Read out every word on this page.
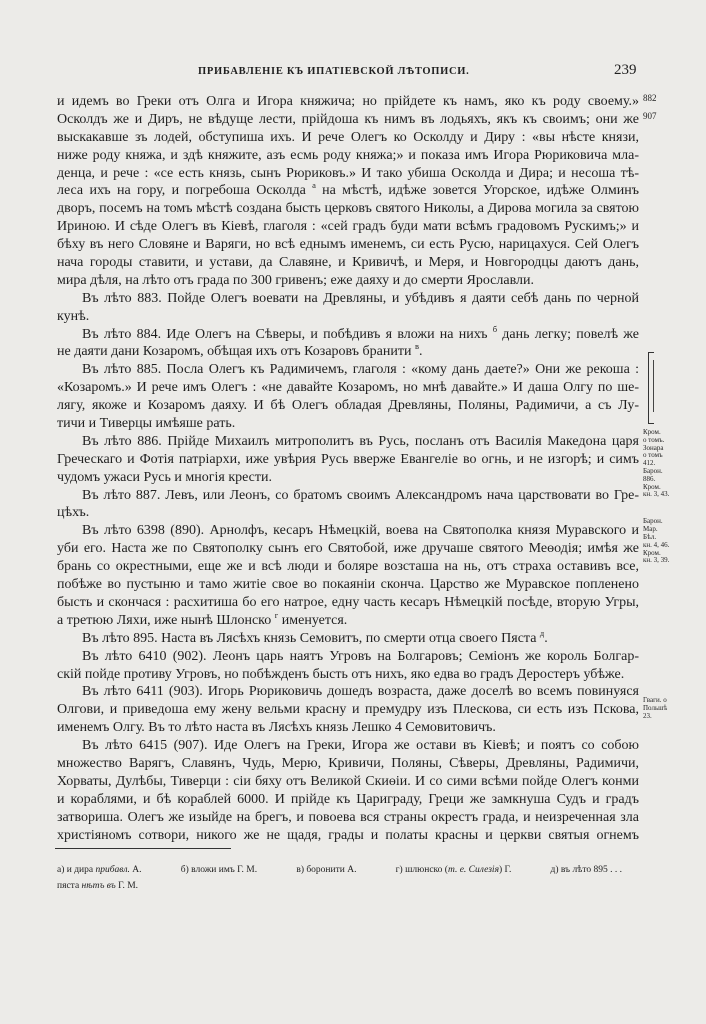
ПРИБАВЛЕНІЕ КЪ ИПАТІЕВСКОЙ ЛѢТОПИСИ.	239
и идемъ во Греки отъ Олга и Игора княжича; но прійдете къ намъ, яко къ роду своему.» 882
Осколдъ же и Диръ, не вѣдуще лести, прійдоша къ нимъ въ лодьяхъ, якъ къ своимъ; они же 907
выскакавше зъ лодей, обступиша ихъ. И рече Олегъ ко Осколду и Диру : «вы нѣсте князи,
ниже роду княжа, и здѣ княжите, азъ есмь роду княжа;» и показа имъ Игора Рюриковича мла-
денца, и рече : «се есть князь, сынъ Рюриковъ.» И тако убиша Осколда и Дира; и несоша тѣ-
леса ихъ на гору, и погребоша Осколда $^а$ на мѣстѣ, идѣже зовется Угорское, идѣже Олминъ
дворъ, посемъ на томъ мѣстѣ создана бысть церковъ святого Николы, а Дирова могила за святою
Ириною. И сѣде Олегъ въ Кіевѣ, глаголя : «сей градъ буди мати всѣмъ градовомъ Рускимъ;» и
бѣху въ него Словяне и Варяги, но всѣ еднымъ именемъ, си есть Русю, нарицахуся. Сей Олегъ
нача городы ставити, и устави, да Славяне, и Кривичѣ, и Меря, и Новгородцы даютъ дань,
мира дѣля, на лѣто отъ града по 300 гривенъ; еже даяху и до смерти Ярославли.
Въ лѣто 883. Пойде Олегъ воевати на Древляны, и убѣдивъ я даяти себѣ дань по черной
кунѣ.
Въ лѣто 884. Иде Олегъ на Сѣверы, и побѣдивъ я вложи на нихъ $^б$ дань легку; повелѣ же
не даяти дани Козаромъ, обѣщая ихъ отъ Козаровъ бранити $^в$.
Въ лѣто 885. Посла Олегъ къ Радимичемъ, глаголя : «кому дань даете?» Они же рекоша :
«Козаромъ.» И рече имъ Олегъ : «не давайте Козаромъ, но мнѣ давайте.» И даша Олгу по ше-
лягу, якоже и Козаромъ даяху. И бѣ Олегъ обладая Древляны, Поляны, Радимичи, а съ Лу-
тичи и Тиверцы имѣяше рать.
Въ лѣто 886. Прійде Михаилъ митрополитъ въ Русь, посланъ отъ Василія Македона царя
Кром.
о томъ.
Зонара
о томъ
412.
Барон.
886.
Кром.
кн. 3, 43.
Греческаго и Фотія патріархи, иже увѣрия Русь вверже Евангеліе во огнь, и не изгорѣ; и симъ
чудомъ ужаси Русь и многія крести.
Въ лѣто 887. Левъ, или Леонъ, со братомъ своимъ Александромъ нача царствовати во Гре-
цѣхъ.
Въ лѣто 6398 (890). Арнолфъ, кесаръ Нѣмецкій, воева на Святополка князя Муравского и
Барон.
Мар.
Бѣл.
кн. 4, 46.
Кром.
кн. 3, 39.
уби его. Наста же по Святополку сынъ его Святобой, иже дручаше святого Меѳодія; имѣя же
брань со окрестными, еще же и всѣ люди и боляре возсташа на нь, отъ страха оставивъ все,
побѣже во пустыню и тамо житіе свое во покаяніи сконча. Царство же Муравское попленено
бысть и скончася : расхитиша бо его натрое, едну часть кесаръ Нѣмецкій посѣде, вторую Угры,
а третюю Ляхи, иже нынѣ Шлонско $^г$ именуется.
Въ лѣто 895. Наста въ Лясѣхъ князь Семовитъ, по смерти отца своего Пяста $^д$.
Въ лѣто 6410 (902). Леонъ царь наятъ Угровъ на Болгаровъ; Семіонъ же король Болгар-
скій пойде противу Угровъ, но побѣжденъ бысть отъ нихъ, яко едва во градъ Деростеръ убѣже.
Въ лѣто 6411 (903). Игорь Рюриковичь дошедъ возраста, даже доселѣ во всемъ повинуяся
Олгови, и приведоша ему жену вельми красну и премудру изъ Плескова, си есть изъ Пскова,
Гваги. о
Польшѣ
23.
именемъ Олгу. Въ то лѣто наста въ Лясѣхъ князь Лешко 4 Семовитовичъ.
Въ лѣто 6415 (907). Иде Олегъ на Греки, Игора же остави въ Кіевѣ; и поятъ со собою
множество Варягъ, Славянъ, Чудь, Мерю, Кривичи, Поляны, Сѣверы, Древляны, Радимичи,
Хорваты, Дулѣбы, Тиверци : сіи бяху отъ Великой Скиѳіи. И со сими всѣми пойде Олегъ конми
и кораблями, и бѣ кораблей 6000. И прійде къ Цариграду, Греци же замкнуша Судъ и градъ
затвориша. Олегъ же изыйде на брегъ, и повоева вся страны окрестъ града, и неизреченная зла
христіяномъ сотвори, никого же не щадя, грады и полаты красны и церкви святыя огнемъ
а) и дира прибавл. А.	б) вложи имъ Г. М.	в) боронити А.	г) шлюнско (т. е. Силезія) Г.	д) въ лѣто 895 . . .
пяста нѣтъ въ Г. М.
